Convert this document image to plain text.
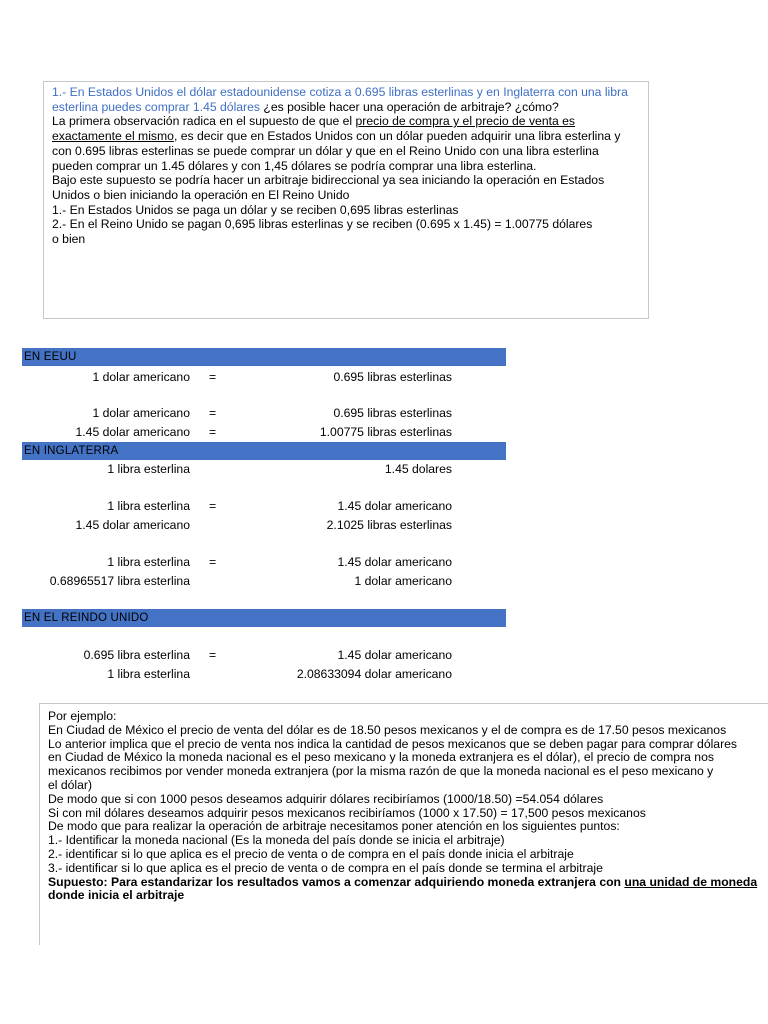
1.- En Estados Unidos el dólar estadounidense cotiza a 0.695 libras esterlinas y en Inglaterra con una libra
esterlina puedes comprar 1.45 dólares ¿es posible hacer una operación de arbitraje? ¿cómo?
La primera observación radica en el supuesto de que el precio de compra y el precio de venta es
exactamente el mismo, es decir que en Estados Unidos con un dólar pueden adquirir una libra esterlina y
con 0.695 libras esterlinas se puede comprar un dólar y que en el Reino Unido con una libra esterlina
pueden comprar un 1.45 dólares y con 1,45 dólares se podría comprar una libra esterlina.
Bajo este supuesto se podría hacer un arbitraje bidireccional ya sea iniciando la operación en Estados
Unidos o bien iniciando la operación en El Reino Unido
1.- En Estados Unidos se paga un dólar y se reciben 0,695 libras esterlinas
2.- En el Reino Unido se pagan 0,695 libras esterlinas y se reciben (0.695 x 1.45) = 1.00775 dólares
o bien
EN EEUU
1 dolar americano =	0.695 libras esterlinas
1 dolar americano =	0.695 libras esterlinas
1.45 dolar americano =	1.00775 libras esterlinas
EN INGLATERRA
1 libra esterlina	1.45 dolares
1 libra esterlina =	1.45 dolar americano
1.45 dolar americano	2.1025 libras esterlinas
1 libra esterlina =	1.45 dolar americano
0.68965517 libra esterlina	1 dolar americano
EN EL REINDO UNIDO
0.695 libra esterlina =	1.45 dolar americano
1 libra esterlina	2.08633094 dolar americano
Por ejemplo:
En Ciudad de México el precio de venta del dólar es de 18.50 pesos mexicanos y el de compra es de 17.50 pesos mexicanos
Lo anterior implica que el precio de venta nos indica la cantidad de pesos mexicanos que se deben pagar para comprar dólares
en Ciudad de México la moneda nacional es el peso mexicano y la moneda extranjera es el dólar), el precio de compra nos
mexicanos recibimos por vender moneda extranjera (por la misma razón de que la moneda nacional es el peso mexicano y
el dólar)
De modo que si con 1000 pesos deseamos adquirir dólares recibiríamos (1000/18.50) =54.054 dólares
Si con mil dólares deseamos adquirir pesos mexicanos recibiríamos (1000 x 17.50) = 17,500 pesos mexicanos
De modo que para realizar la operación de arbitraje necesitamos poner atención en los siguientes puntos:
1.- Identificar la moneda nacional (Es la moneda del país donde se inicia el arbitraje)
2.- identificar si lo que aplica es el precio de venta o de compra en el país donde inicia el arbitraje
3.- identificar si lo que aplica es el precio de venta o de compra en el país donde se termina el arbitraje
Supuesto: Para estandarizar los resultados vamos a comenzar adquiriendo moneda extranjera con una unidad de moneda
donde inicia el arbitraje
